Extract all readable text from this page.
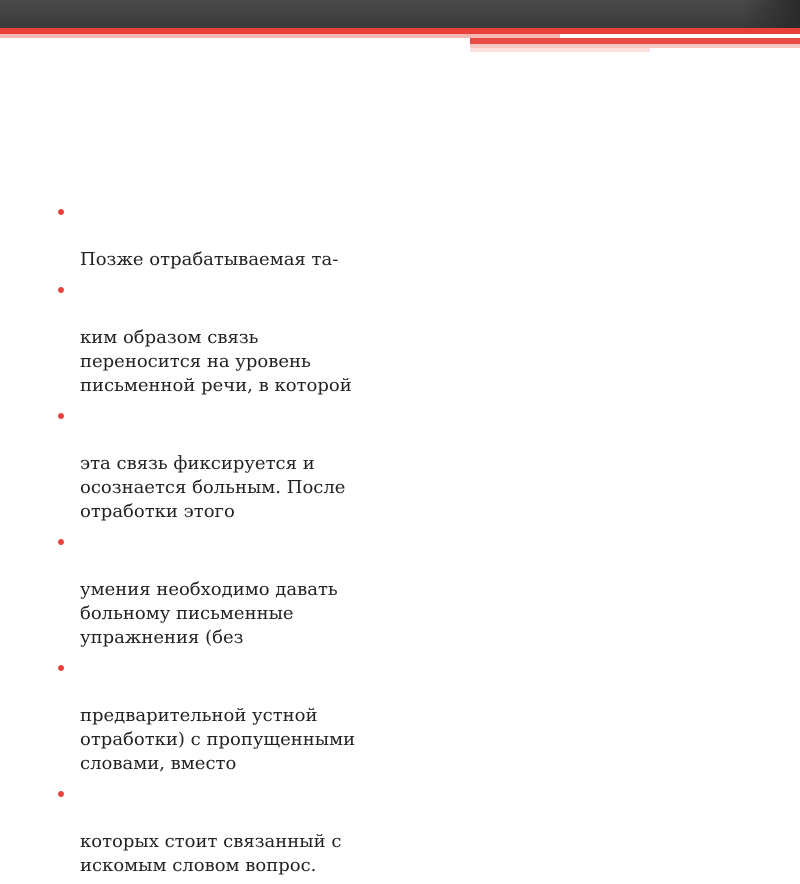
Позже отрабатываемая та-

ким образом связь
переносится на уровень
письменной речи, в которой

эта связь фиксируется и
осознается больным. После
отработки этого

умения необходимо давать
больному письменные
упражнения (без

предварительной устной
отработки) с пропущенными
словами, вместо

которых стоит связанный с
искомым словом вопрос.
